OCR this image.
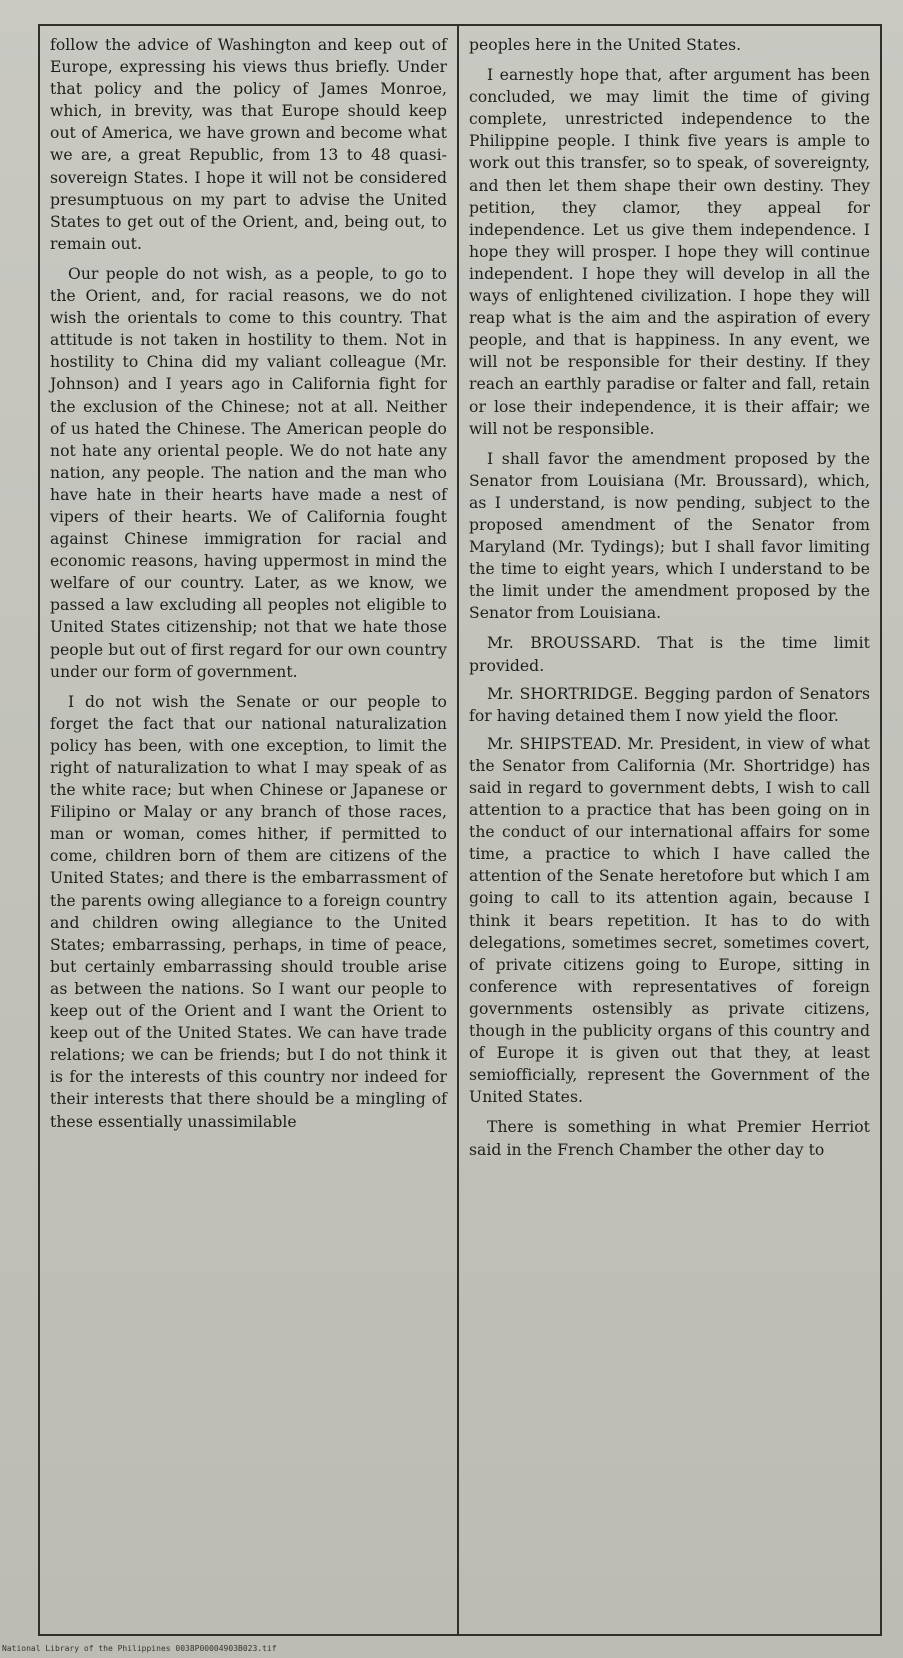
follow the advice of Washington and keep out of Europe, expressing his views thus briefly. Under that policy and the policy of James Monroe, which, in brevity, was that Europe should keep out of America, we have grown and become what we are, a great Republic, from 13 to 48 quasi-sovereign States. I hope it will not be considered presumptuous on my part to advise the United States to get out of the Orient, and, being out, to remain out.

Our people do not wish, as a people, to go to the Orient, and, for racial reasons, we do not wish the orientals to come to this country. That attitude is not taken in hostility to them. Not in hostility to China did my valiant colleague (Mr. Johnson) and I years ago in California fight for the exclusion of the Chinese; not at all. Neither of us hated the Chinese. The American people do not hate any oriental people. We do not hate any nation, any people. The nation and the man who have hate in their hearts have made a nest of vipers of their hearts. We of California fought against Chinese immigration for racial and economic reasons, having uppermost in mind the welfare of our country. Later, as we know, we passed a law excluding all peoples not eligible to United States citizenship; not that we hate those people but out of first regard for our own country under our form of government.

I do not wish the Senate or our people to forget the fact that our national naturalization policy has been, with one exception, to limit the right of naturalization to what I may speak of as the white race; but when Chinese or Japanese or Filipino or Malay or any branch of those races, man or woman, comes hither, if permitted to come, children born of them are citizens of the United States; and there is the embarrassment of the parents owing allegiance to a foreign country and children owing allegiance to the United States; embarrassing, perhaps, in time of peace, but certainly embarrassing should trouble arise as between the nations. So I want our people to keep out of the Orient and I want the Orient to keep out of the United States. We can have trade relations; we can be friends; but I do not think it is for the interests of this country nor indeed for their interests that there should be a mingling of these essentially unassimilable

peoples here in the United States.

I earnestly hope that, after argument has been concluded, we may limit the time of giving complete, unrestricted independence to the Philippine people. I think five years is ample to work out this transfer, so to speak, of sovereignty, and then let them shape their own destiny. They petition, they clamor, they appeal for independence. Let us give them independence. I hope they will prosper. I hope they will continue independent. I hope they will develop in all the ways of enlightened civilization. I hope they will reap what is the aim and the aspiration of every people, and that is happiness. In any event, we will not be responsible for their destiny. If they reach an earthly paradise or falter and fall, retain or lose their independence, it is their affair; we will not be responsible.

I shall favor the amendment proposed by the Senator from Louisiana (Mr. Broussard), which, as I understand, is now pending, subject to the proposed amendment of the Senator from Maryland (Mr. Tydings); but I shall favor limiting the time to eight years, which I understand to be the limit under the amendment proposed by the Senator from Louisiana.

Mr. BROUSSARD. That is the time limit provided.

Mr. SHORTRIDGE. Begging pardon of Senators for having detained them I now yield the floor.

Mr. SHIPSTEAD. Mr. President, in view of what the Senator from California (Mr. Shortridge) has said in regard to government debts, I wish to call attention to a practice that has been going on in the conduct of our international affairs for some time, a practice to which I have called the attention of the Senate heretofore but which I am going to call to its attention again, because I think it bears repetition. It has to do with delegations, sometimes secret, sometimes covert, of private citizens going to Europe, sitting in conference with representatives of foreign governments ostensibly as private citizens, though in the publicity organs of this country and of Europe it is given out that they, at least semiofficially, represent the Government of the United States.

There is something in what Premier Herriot said in the French Chamber the other day to

National Library of the Philippines 0038P00004903B023.tif
